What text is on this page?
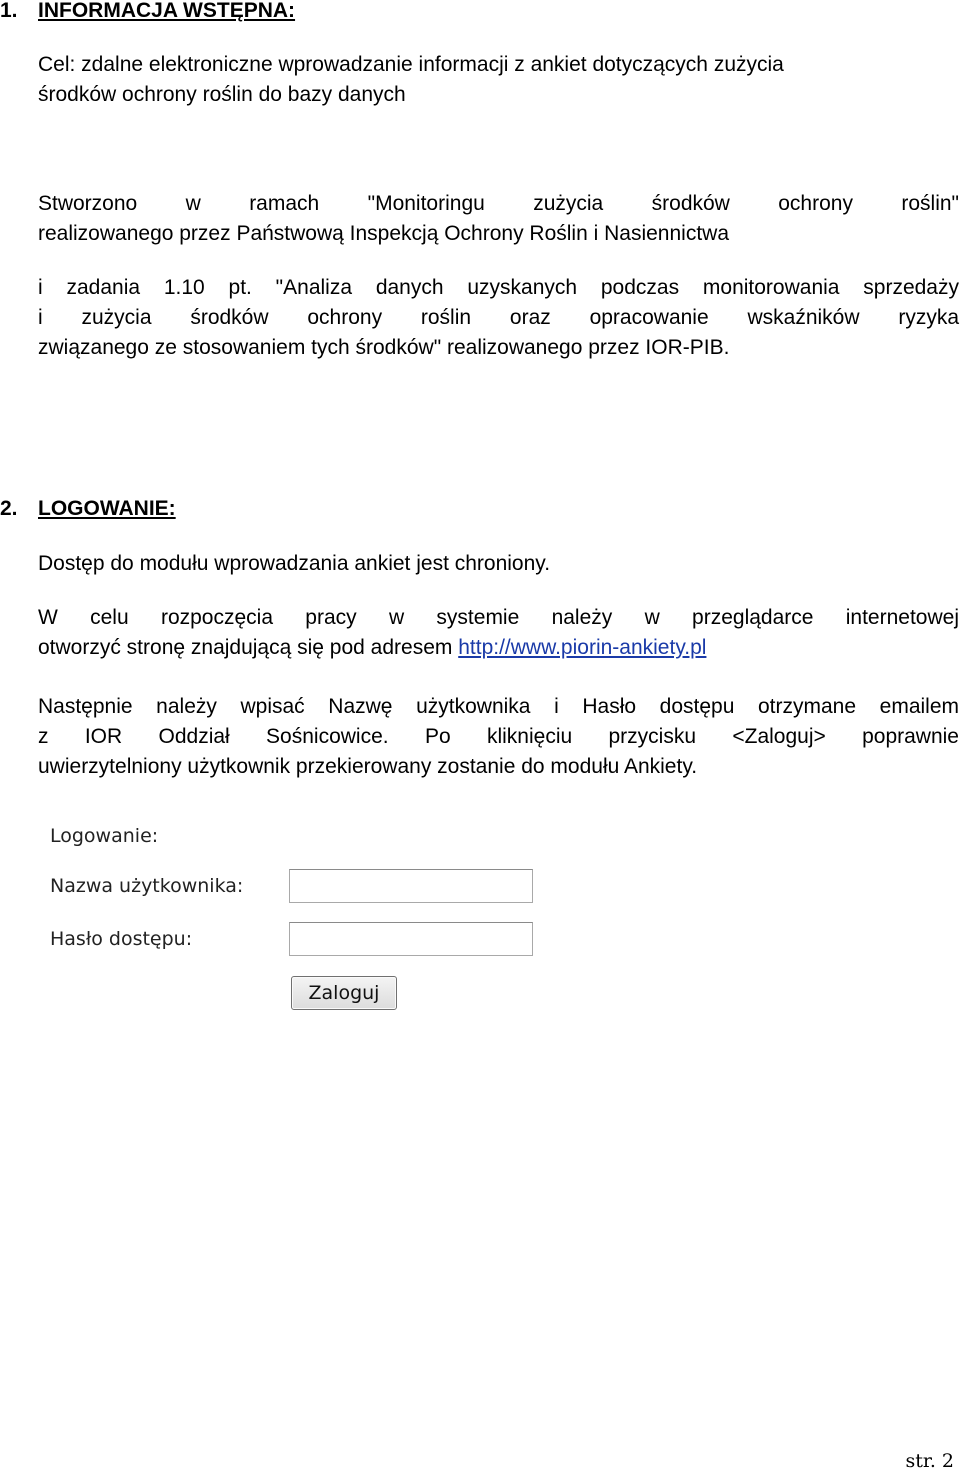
1. INFORMACJA WSTĘPNA:
Cel: zdalne elektroniczne wprowadzanie informacji z ankiet dotyczących zużycia
środków ochrony roślin do bazy danych
Stworzono w ramach "Monitoringu zużycia środków ochrony roślin"
realizowanego przez Państwową Inspekcją Ochrony Roślin i Nasiennictwa
i zadania 1.10 pt. "Analiza danych uzyskanych podczas monitorowania sprzedaży
i zużycia środków ochrony roślin oraz opracowanie wskaźników ryzyka
związanego ze stosowaniem tych środków" realizowanego przez IOR-PIB.
2. LOGOWANIE:
Dostęp do modułu wprowadzania ankiet jest chroniony.
W celu rozpoczęcia pracy w systemie należy w przeglądarce internetowej
otworzyć stronę znajdującą się pod adresem http://www.piorin-ankiety.pl
Następnie należy wpisać Nazwę użytkownika i Hasło dostępu otrzymane emailem
z IOR Oddział Sośnicowice. Po kliknięciu przycisku <Zaloguj> poprawnie
uwierzytelniony użytkownik przekierowany zostanie do modułu Ankiety.
Logowanie:
Nazwa użytkownika:
Hasło dostępu:
Zaloguj
str. 2
